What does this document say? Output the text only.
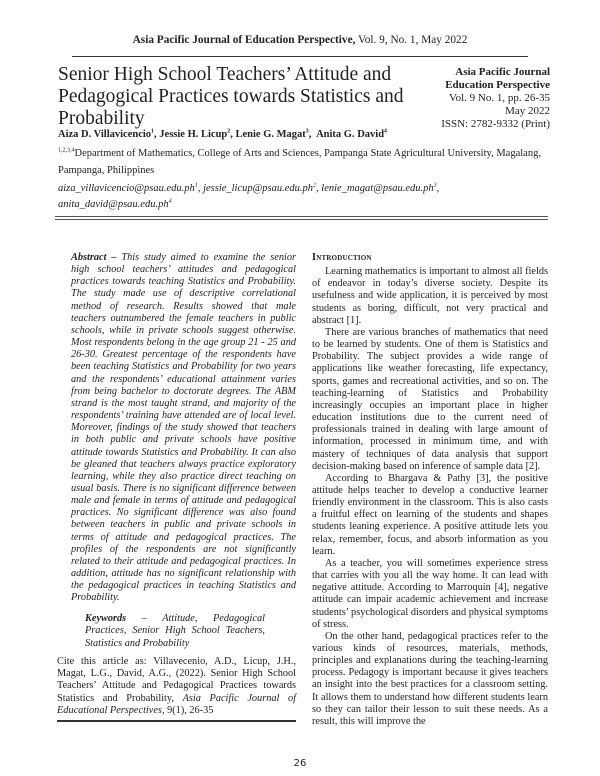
Asia Pacific Journal of Education Perspective, Vol. 9, No. 1, May 2022
Senior High School Teachers’ Attitude and Pedagogical Practices towards Statistics and Probability
Asia Pacific Journal
Education Perspective
Vol. 9 No. 1, pp. 26-35
May 2022
ISSN: 2782-9332 (Print)
Aiza D. Villavicencio$^1$, Jessie H. Licup$^2$, Lenie G. Magat$^3$,  Anita G. David$^4$
$^{1,2,3,4}$Department of Mathematics, College of Arts and Sciences, Pampanga State Agricultural University, Magalang, Pampanga, Philippines
$aiza\_villavicencio@psau.edu.ph^1$, $jessie\_licup@psau.edu.ph^2$, $lenie\_magat@psau.edu.ph^3$,
$anita\_david@psau.edu.ph^4$
Abstract – This study aimed to examine the senior high school teachers’ attitudes and pedagogical practices towards teaching Statistics and Probability. The study made use of descriptive correlational method of research. Results showed that male teachers outnumbered the female teachers in public schools, while in private schools suggest otherwise. Most respondents belong in the age group 21 - 25 and 26-30. Greatest percentage of the respondents have been teaching Statistics and Probability for two years and the respondents’ educational attainment varies from being bachelor to doctorate degrees. The ABM strand is the most taught strand, and majority of the respondents’ training have attended are of local level. Moreover, findings of the study showed that teachers in both public and private schools have positive attitude towards Statistics and Probability. It can also be gleaned that teachers always practice exploratory learning, while they also practice direct teaching on usual basis. There is no significant difference between male and female in terms of attitude and pedagogical practices. No significant difference was also found between teachers in public and private schools in terms of attitude and pedagogical practices. The profiles of the respondents are not significantly related to their attitude and pedagogical practices. In addition, attitude has no significant relationship with the pedagogical practices in teaching Statistics and Probability.
Keywords – Attitude, Pedagogical Practices, Senior High School Teachers, Statistics and Probability
Cite this article as: Villavecenio, A.D., Licup, J.H., Magat, L.G., David, A.G., (2022). Senior High School Teachers’ Attitude and Pedagogical Practices towards Statistics and Probability, Asia Pacific Journal of Educational Perspectives, 9(1), 26-35
Introduction

Learning mathematics is important to almost all fields of endeavor in today’s diverse society. Despite its usefulness and wide application, it is perceived by most students as boring, difficult, not very practical and abstract [1].

There are various branches of mathematics that need to be learned by students. One of them is Statistics and Probability. The subject provides a wide range of applications like weather forecasting, life expectancy, sports, games and recreational activities, and so on. The teaching-learning of Statistics and Probability increasingly occupies an important place in higher education institutions due to the current need of professionals trained in dealing with large amount of information, processed in minimum time, and with mastery of techniques of data analysis that support decision-making based on inference of sample data [2].

According to Bhargava & Pathy [3], the positive attitude helps teacher to develop a conductive learner friendly environment in the classroom. This is also casts a fruitful effect on learning of the students and shapes students leaning experience. A positive attitude lets you relax, remember, focus, and absorb information as you learn.

As a teacher, you will sometimes experience stress that carries with you all the way home. It can lead with negative attitude. According to Marroquin [4], negative attitude can impair academic achievement and increase students’ psychological disorders and physical symptoms of stress.

On the other hand, pedagogical practices refer to the various kinds of resources, materials, methods, principles and explanations during the teaching-learning process. Pedagogy is important because it gives teachers an insight into the best practices for a classroom setting. It allows them to understand how different students learn so they can tailor their lesson to suit these needs. As a result, this will improve the

26
